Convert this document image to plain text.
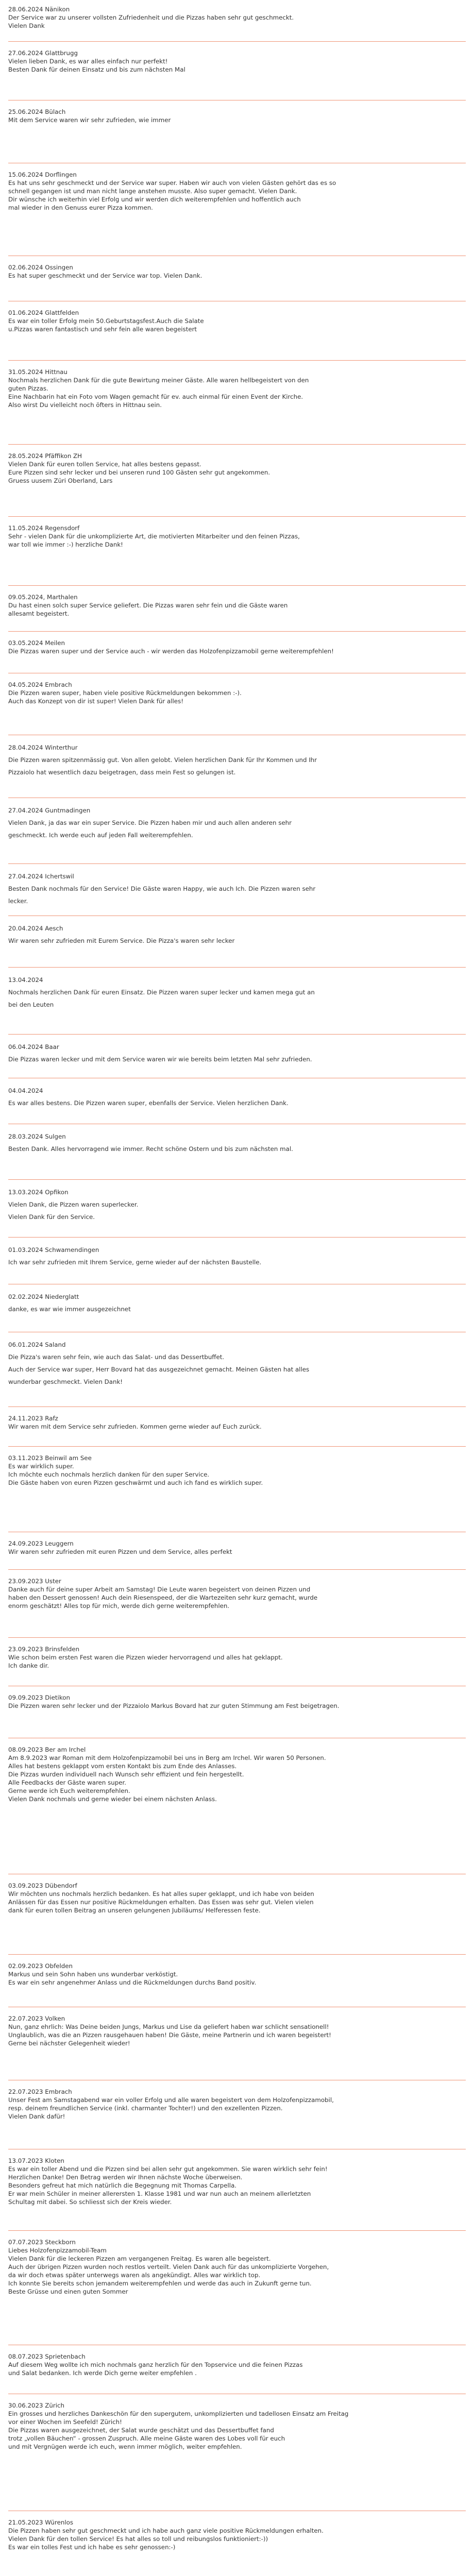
28.06.2024 Nänikon
Der Service war zu unserer vollsten Zufriedenheit und die Pizzas haben sehr gut geschmeckt.
Vielen Dank
27.06.2024 Glattbrugg
Vielen lieben Dank, es war alles einfach nur perfekt!
Besten Dank für deinen Einsatz und bis zum nächsten Mal
25.06.2024 Bülach
Mit dem Service waren wir sehr zufrieden, wie immer
15.06.2024 Dorflingen
Es hat uns sehr geschmeckt und der Service war super. Haben wir auch von vielen Gästen gehört das es so
schnell gegangen ist und man nicht lange anstehen musste. Also super gemacht. Vielen Dank.
Dir wünsche ich weiterhin viel Erfolg und wir werden dich weiterempfehlen und hoffentlich auch
mal wieder in den Genuss eurer Pizza kommen.
02.06.2024 Ossingen
Es hat super geschmeckt und der Service war top. Vielen Dank.
01.06.2024 Glattfelden
Es war ein toller Erfolg mein 50.Geburtstagsfest.Auch die Salate
u.Pizzas waren fantastisch und sehr fein alle waren begeistert
31.05.2024 Hittnau
Nochmals herzlichen Dank für die gute Bewirtung meiner Gäste. Alle waren hellbegeistert von den
guten Pizzas.
Eine Nachbarin hat ein Foto vom Wagen gemacht für ev. auch einmal für einen Event der Kirche.
Also wirst Du vielleicht noch öfters in Hittnau sein.
28.05.2024 Pfäffikon ZH
Vielen Dank für euren tollen Service, hat alles bestens gepasst.
Eure Pizzen sind sehr lecker und bei unseren rund 100 Gästen sehr gut angekommen.
Gruess uusem Züri Oberland, Lars
11.05.2024 Regensdorf
Sehr - vielen Dank für die unkomplizierte Art, die motivierten Mitarbeiter und den feinen Pizzas,
war toll wie immer :-) herzliche Dank!
09.05.2024, Marthalen
Du hast einen solch super Service geliefert. Die Pizzas waren sehr fein und die Gäste waren
allesamt begeistert.
03.05.2024 Meilen
Die Pizzas waren super und der Service auch - wir werden das Holzofenpizzamobil gerne weiterempfehlen!
04.05.2024 Embrach
Die Pizzen waren super, haben viele positive Rückmeldungen bekommen :-).
Auch das Konzept von dir ist super! Vielen Dank für alles!
28.04.2024 Winterthur
Die Pizzen waren spitzenmässig gut. Von allen gelobt. Vielen herzlichen Dank für Ihr Kommen und Ihr
Pizzaiolo hat wesentlich dazu beigetragen, dass mein Fest so gelungen ist.
27.04.2024 Guntmadingen
Vielen Dank, ja das war ein super Service. Die Pizzen haben mir und auch allen anderen sehr
geschmeckt. Ich werde euch auf jeden Fall weiterempfehlen.
27.04.2024 Ichertswil
Besten Dank nochmals für den Service! Die Gäste waren Happy, wie auch Ich. Die Pizzen waren sehr
lecker.
20.04.2024 Aesch
Wir waren sehr zufrieden mit Eurem Service. Die Pizza's waren sehr lecker
13.04.2024
Nochmals herzlichen Dank für euren Einsatz. Die Pizzen waren super lecker und kamen mega gut an
bei den Leuten
06.04.2024 Baar
Die Pizzas waren lecker und mit dem Service waren wir wie bereits beim letzten Mal sehr zufrieden.
04.04.2024
Es war alles bestens. Die Pizzen waren super, ebenfalls der Service. Vielen herzlichen Dank.
28.03.2024 Sulgen
Besten Dank. Alles hervorragend wie immer. Recht schöne Ostern und bis zum nächsten mal.
13.03.2024 Opfikon
Vielen Dank, die Pizzen waren superlecker.
Vielen Dank für den Service.
01.03.2024 Schwamendingen
Ich war sehr zufrieden mit Ihrem Service, gerne wieder auf der nächsten Baustelle.
02.02.2024 Niederglatt
danke, es war wie immer ausgezeichnet
06.01.2024 Saland
Die Pizza's waren sehr fein, wie auch das Salat- und das Dessertbuffet.
Auch der Service war super, Herr Bovard hat das ausgezeichnet gemacht. Meinen Gästen hat alles
wunderbar geschmeckt. Vielen Dank!
24.11.2023 Rafz
Wir waren mit dem Service sehr zufrieden. Kommen gerne wieder auf Euch zurück.
03.11.2023 Beinwil am See
Es war wirklich super.
Ich möchte euch nochmals herzlich danken für den super Service.
Die Gäste haben von euren Pizzen geschwärmt und auch ich fand es wirklich super.
24.09.2023 Leuggern
Wir waren sehr zufrieden mit euren Pizzen und dem Service, alles perfekt
23.09.2023 Uster
Danke auch für deine super Arbeit am Samstag! Die Leute waren begeistert von deinen Pizzen und
haben den Dessert genossen! Auch dein Riesenspeed, der die Wartezeiten sehr kurz gemacht, wurde
enorm geschätzt! Alles top für mich, werde dich gerne weiterempfehlen.
23.09.2023 Brinsfelden
Wie schon beim ersten Fest waren die Pizzen wieder hervorragend und alles hat geklappt.
Ich danke dir.
09.09.2023 Dietikon
Die Pizzen waren sehr lecker und der Pizzaiolo Markus Bovard hat zur guten Stimmung am Fest beigetragen.
08.09.2023 Ber am Irchel
Am 8.9.2023 war Roman mit dem Holzofenpizzamobil bei uns in Berg am Irchel. Wir waren 50 Personen.
Alles hat bestens geklappt vom ersten Kontakt bis zum Ende des Anlasses.
Die Pizzas wurden individuell nach Wunsch sehr effizient und fein hergestellt.
Alle Feedbacks der Gäste waren super.
Gerne werde ich Euch weiterempfehlen.
Vielen Dank nochmals und gerne wieder bei einem nächsten Anlass.
03.09.2023 Dübendorf
Wir möchten uns nochmals herzlich bedanken. Es hat alles super geklappt, und ich habe von beiden
Anlässen für das Essen nur positive Rückmeldungen erhalten. Das Essen was sehr gut. Vielen vielen
dank für euren tollen Beitrag an unseren gelungenen Jubiläums/ Helferessen feste.
02.09.2023 Obfelden
Markus und sein Sohn haben uns wunderbar verköstigt.
Es war ein sehr angenehmer Anlass und die Rückmeldungen durchs Band positiv.
22.07.2023 Volken
Nun, ganz ehrlich: Was Deine beiden Jungs, Markus und Lise da geliefert haben war schlicht sensationell!
Unglaublich, was die an Pizzen rausgehauen haben! Die Gäste, meine Partnerin und ich waren begeistert!
Gerne bei nächster Gelegenheit wieder!
22.07.2023 Embrach
Unser Fest am Samstagabend war ein voller Erfolg und alle waren begeistert von dem Holzofenpizzamobil,
resp. deinem freundlichen Service (inkl. charmanter Tochter!) und den exzellenten Pizzen.
Vielen Dank dafür!
13.07.2023 Kloten
Es war ein toller Abend und die Pizzen sind bei allen sehr gut angekommen. Sie waren wirklich sehr fein!
Herzlichen Danke! Den Betrag werden wir Ihnen nächste Woche überweisen.
Besonders gefreut hat mich natürlich die Begegnung mit Thomas Carpella.
Er war mein Schüler in meiner allerersten 1. Klasse 1981 und war nun auch an meinem allerletzten
Schultag mit dabei. So schliesst sich der Kreis wieder.
07.07.2023 Steckborn
Liebes Holzofenpizzamobil-Team
Vielen Dank für die leckeren Pizzen am vergangenen Freitag. Es waren alle begeistert.
Auch der übrigen Pizzen wurden noch restlos verteilt. Vielen Dank auch für das unkomplizierte Vorgehen,
da wir doch etwas später unterwegs waren als angekündigt. Alles war wirklich top.
Ich konnte Sie bereits schon jemandem weiterempfehlen und werde das auch in Zukunft gerne tun.
Beste Grüsse und einen guten Sommer
08.07.2023 Sprietenbach
Auf diesem Weg wollte ich mich nochmals ganz herzlich für den Topservice und die feinen Pizzas
und Salat bedanken. Ich werde Dich gerne weiter empfehlen .
30.06.2023 Zürich
Ein grosses und herzliches Dankeschön für den supergutem, unkomplizierten und tadellosen Einsatz am Freitag
vor einer Wochen im Seefeld! Zürich!
Die Pizzas waren ausgezeichnet, der Salat wurde geschätzt und das Dessertbuffet fand
trotz „vollen Bäuchen“ - grossen Zuspruch. Alle meine Gäste waren des Lobes voll für euch
und mit Vergnügen werde ich euch, wenn immer möglich, weiter empfehlen.
21.05.2023 Würenlos
Die Pizzen haben sehr gut geschmeckt und ich habe auch ganz viele positive Rückmeldungen erhalten.
Vielen Dank für den tollen Service! Es hat alles so toll und reibungslos funktioniert:-))
Es war ein tolles Fest und ich habe es sehr genossen:-)
